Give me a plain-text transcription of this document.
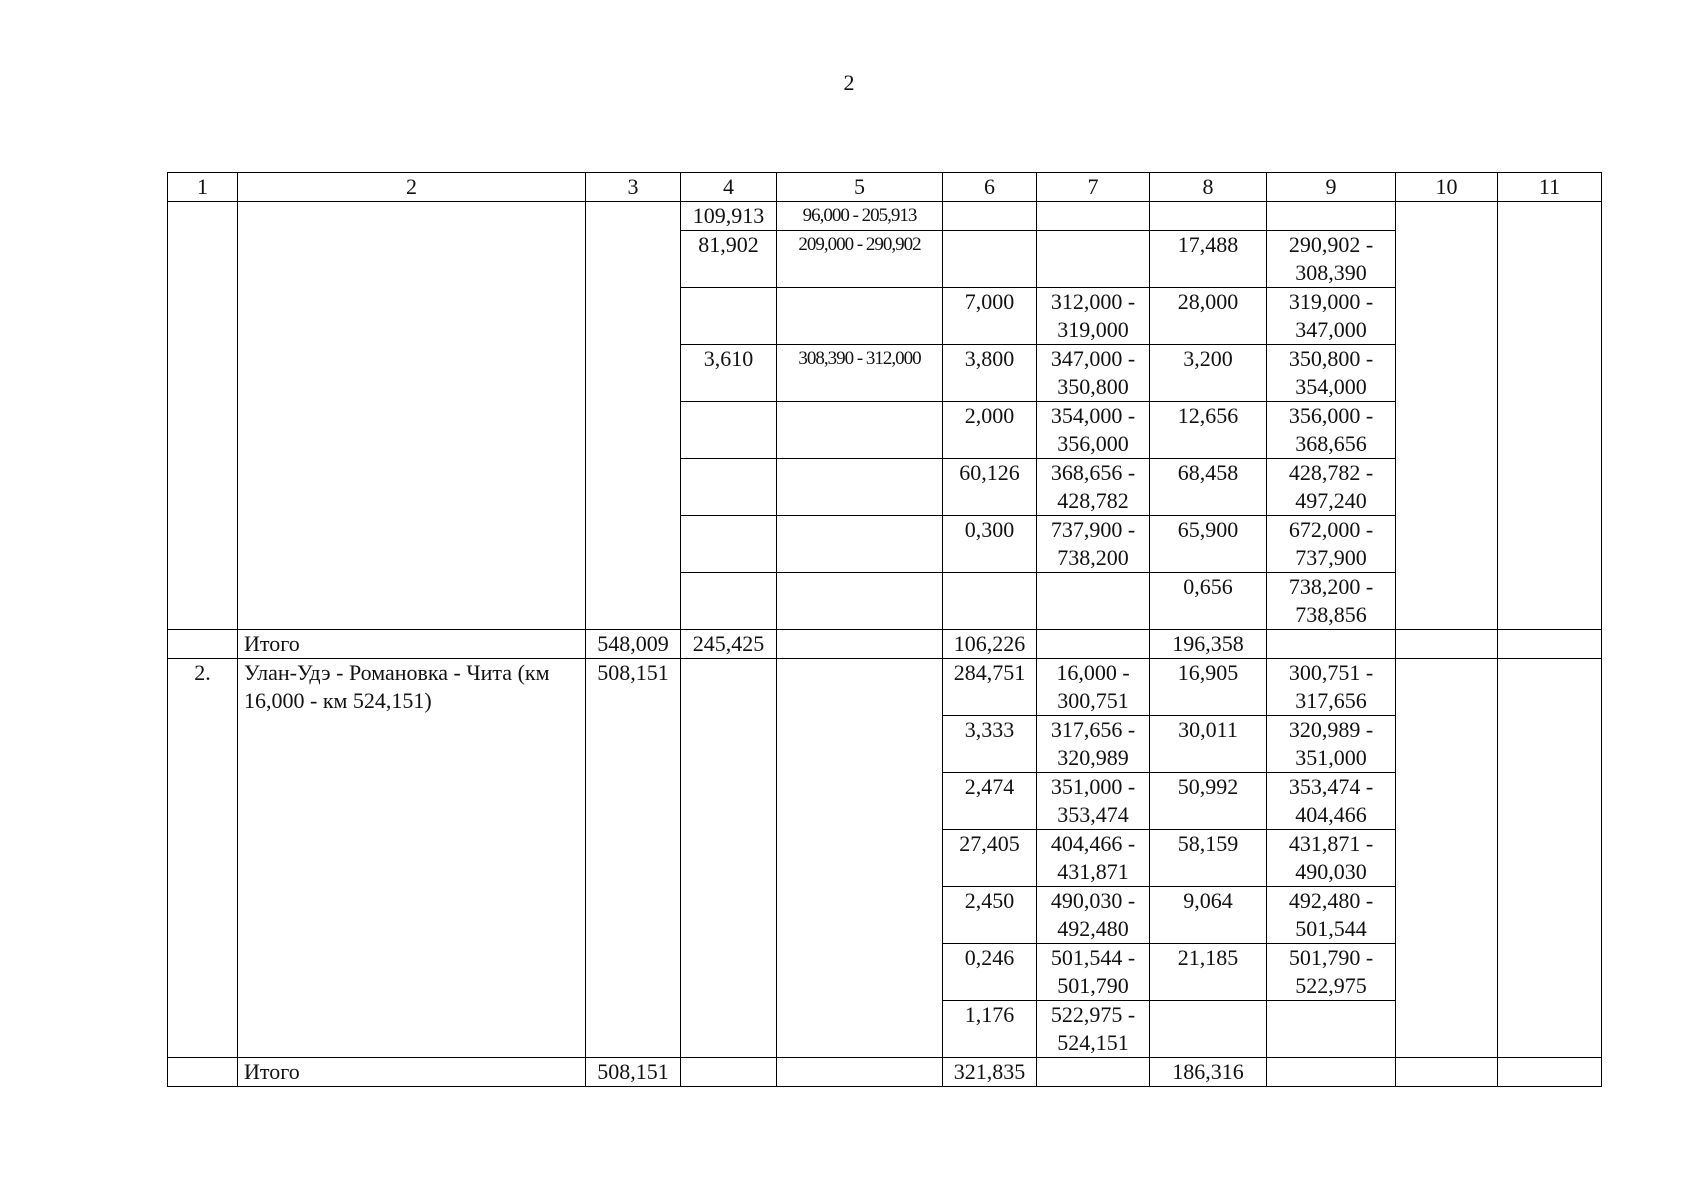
2
1	2	3	4	5	6	7	8	9	10	11
			109,913	96,000 - 205,913						
			81,902	209,000 - 290,902			17,488	290,902 - 308,390		
					7,000	312,000 - 319,000	28,000	319,000 - 347,000		
			3,610	308,390 - 312,000	3,800	347,000 - 350,800	3,200	350,800 - 354,000		
					2,000	354,000 - 356,000	12,656	356,000 - 368,656		
					60,126	368,656 - 428,782	68,458	428,782 - 497,240		
					0,300	737,900 - 738,200	65,900	672,000 - 737,900		
							0,656	738,200 - 738,856		
	Итого	548,009	245,425		106,226		196,358			
2.	Улан-Удэ - Романовка - Чита (км 16,000 - км 524,151)	508,151			284,751	16,000 - 300,751	16,905	300,751 - 317,656		
					3,333	317,656 - 320,989	30,011	320,989 - 351,000		
					2,474	351,000 - 353,474	50,992	353,474 - 404,466		
					27,405	404,466 - 431,871	58,159	431,871 - 490,030		
					2,450	490,030 - 492,480	9,064	492,480 - 501,544		
					0,246	501,544 - 501,790	21,185	501,790 - 522,975		
					1,176	522,975 - 524,151				
	Итого	508,151			321,835		186,316			
